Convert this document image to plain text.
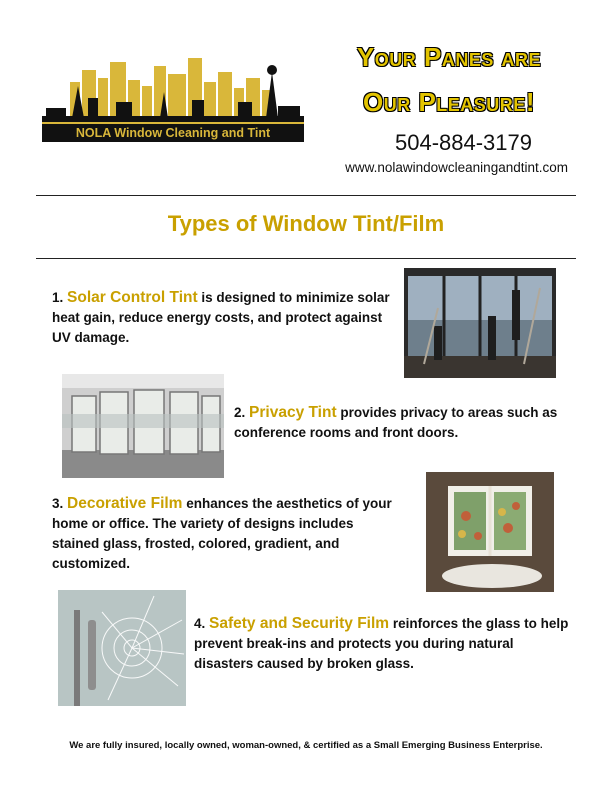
NOLA Window Cleaning and Tint
Your Panes are
Our Pleasure!
504-884-3179
www.nolawindowcleaningandtint.com
Types of Window Tint/Film
1. Solar Control Tint is designed to minimize solar heat gain, reduce energy costs, and protect against UV damage.
2. Privacy Tint provides privacy to areas such as conference rooms and front doors.
3. Decorative Film enhances the aesthetics of your home or office. The variety of designs includes stained glass, frosted, colored, gradient, and customized.
4. Safety and Security Film reinforces the glass to help prevent break-ins and protects you during natural disasters caused by broken glass.
We are fully insured, locally owned, woman-owned, & certified as a Small Emerging Business Enterprise.
